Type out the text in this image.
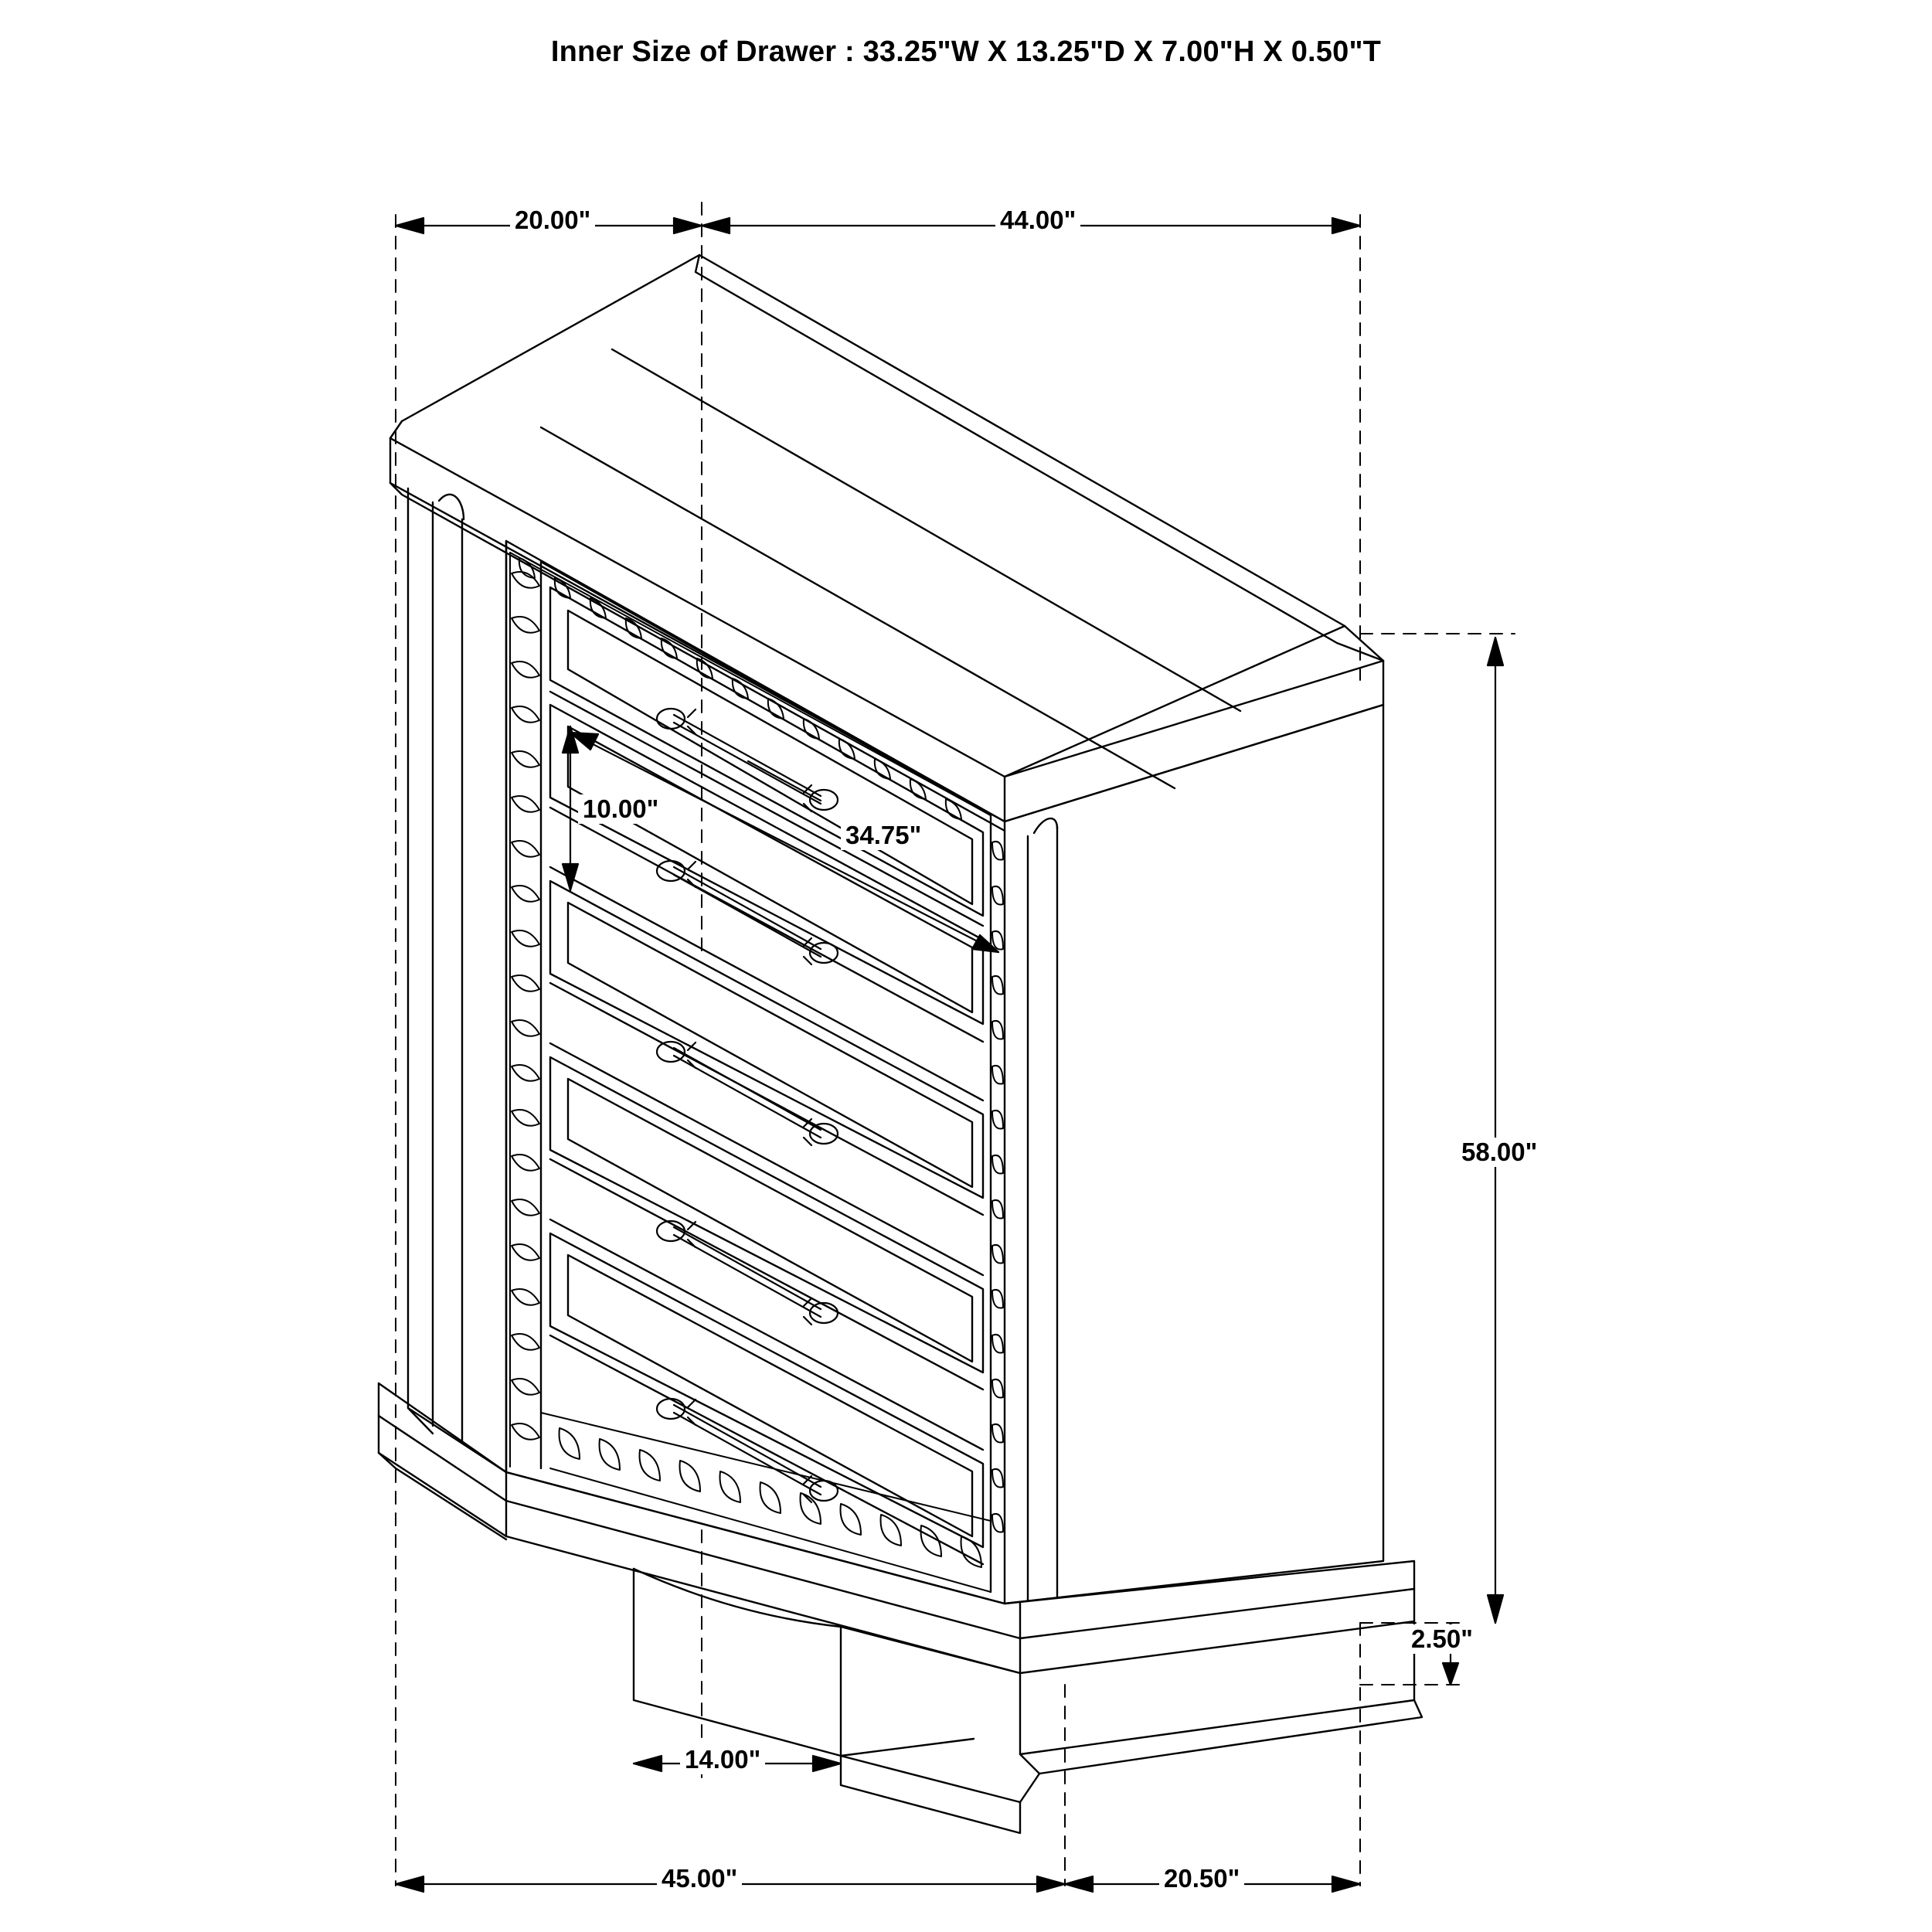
Inner Size of Drawer : 33.25"W X 13.25"D X 7.00"H X 0.50"T
20.00"	44.00"
10.00"
34.75"
58.00"
2.50"
14.00"
45.00"	20.50"
